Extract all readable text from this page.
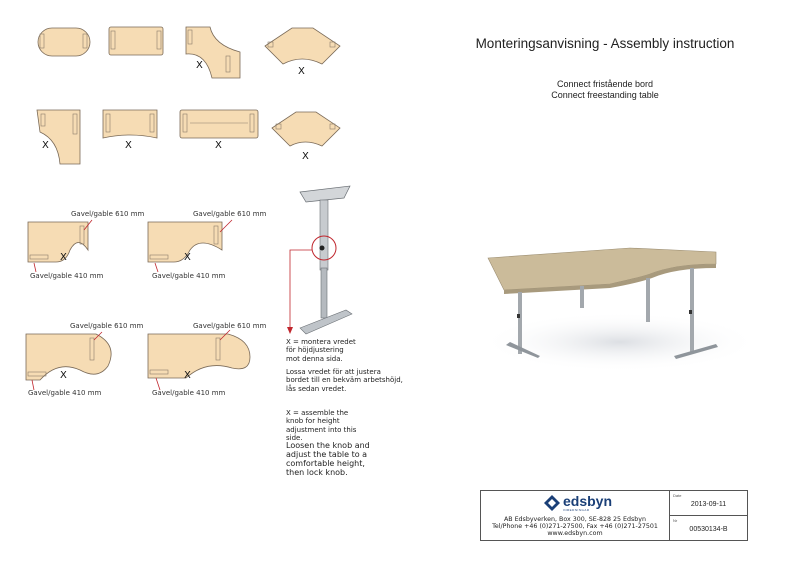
X
X
X	X	X
X
X	X
X	X
Gavel/gable 610 mm
Gavel/gable 410 mm
Gavel/gable 610 mm
Gavel/gable 410 mm
Gavel/gable 610 mm
Gavel/gable 410 mm
Gavel/gable 610 mm
Gavel/gable 410 mm
X = montera vredet för höjdjustering mot denna sida.
Lossa vredet för att justera bordet till en bekväm arbetshöjd, lås sedan vredet.
X = assemble the knob for height adjustment into this side.
Loosen the knob and adjust the table to a comfortable height, then lock knob.
Monteringsanvisning - Assembly instruction
Connect fristående bord
Connect freestanding table
edsbyn
INREDNINGAR
AB Edsbyverken, Box 300, SE-828 25 Edsbyn
Tel/Phone +46 (0)271-27500, Fax +46 (0)271-27501
www.edsbyn.com
Date
2013-09-11
Nr
00530134-B
